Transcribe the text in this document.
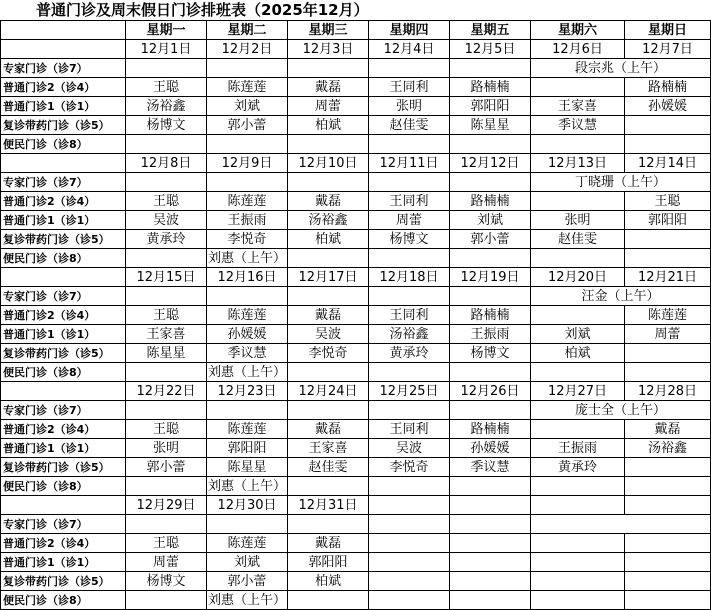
普通门诊及周末假日门诊排班表（2025年12月）
	星期一	星期二	星期三	星期四	星期五	星期六	星期日
	12月1日	12月2日	12月3日	12月4日	12月5日	12月6日	12月7日
专家门诊（诊7）						段宗兆（上午）	
普通门诊2（诊4）	王聪	陈莲莲	戴磊	王同利	路楠楠		路楠楠
普通门诊1（诊1）	汤裕鑫	刘斌	周蕾	张明	郭阳阳	王家喜	孙媛媛
复诊带药门诊（诊5）	杨博文	郭小蕾	柏斌	赵佳雯	陈星星	季议慧	
便民门诊（诊8）							
	12月8日	12月9日	12月10日	12月11日	12月12日	12月13日	12月14日
专家门诊（诊7）						丁晓珊（上午）	
普通门诊2（诊4）	王聪	陈莲莲	戴磊	王同利	路楠楠		王聪
普通门诊1（诊1）	吴波	王振雨	汤裕鑫	周蕾	刘斌	张明	郭阳阳
复诊带药门诊（诊5）	黄承玲	李悦奇	柏斌	杨博文	郭小蕾	赵佳雯	
便民门诊（诊8）		刘惠（上午）					
	12月15日	12月16日	12月17日	12月18日	12月19日	12月20日	12月21日
专家门诊（诊7）						汪金（上午）	
普通门诊2（诊4）	王聪	陈莲莲	戴磊	王同利	路楠楠		陈莲莲
普通门诊1（诊1）	王家喜	孙媛媛	吴波	汤裕鑫	王振雨	刘斌	周蕾
复诊带药门诊（诊5）	陈星星	季议慧	李悦奇	黄承玲	杨博文	柏斌	
便民门诊（诊8）		刘惠（上午）					
	12月22日	12月23日	12月24日	12月25日	12月26日	12月27日	12月28日
专家门诊（诊7）						庞士全（上午）	
普通门诊2（诊4）	王聪	陈莲莲	戴磊	王同利	路楠楠		戴磊
普通门诊1（诊1）	张明	郭阳阳	王家喜	吴波	孙媛媛	王振雨	汤裕鑫
复诊带药门诊（诊5）	郭小蕾	陈星星	赵佳雯	李悦奇	季议慧	黄承玲	
便民门诊（诊8）		刘惠（上午）					
	12月29日	12月30日	12月31日				
专家门诊（诊7）							
普通门诊2（诊4）	王聪	陈莲莲	戴磊				
普通门诊1（诊1）	周蕾	刘斌	郭阳阳				
复诊带药门诊（诊5）	杨博文	郭小蕾	柏斌				
便民门诊（诊8）		刘惠（上午）					
